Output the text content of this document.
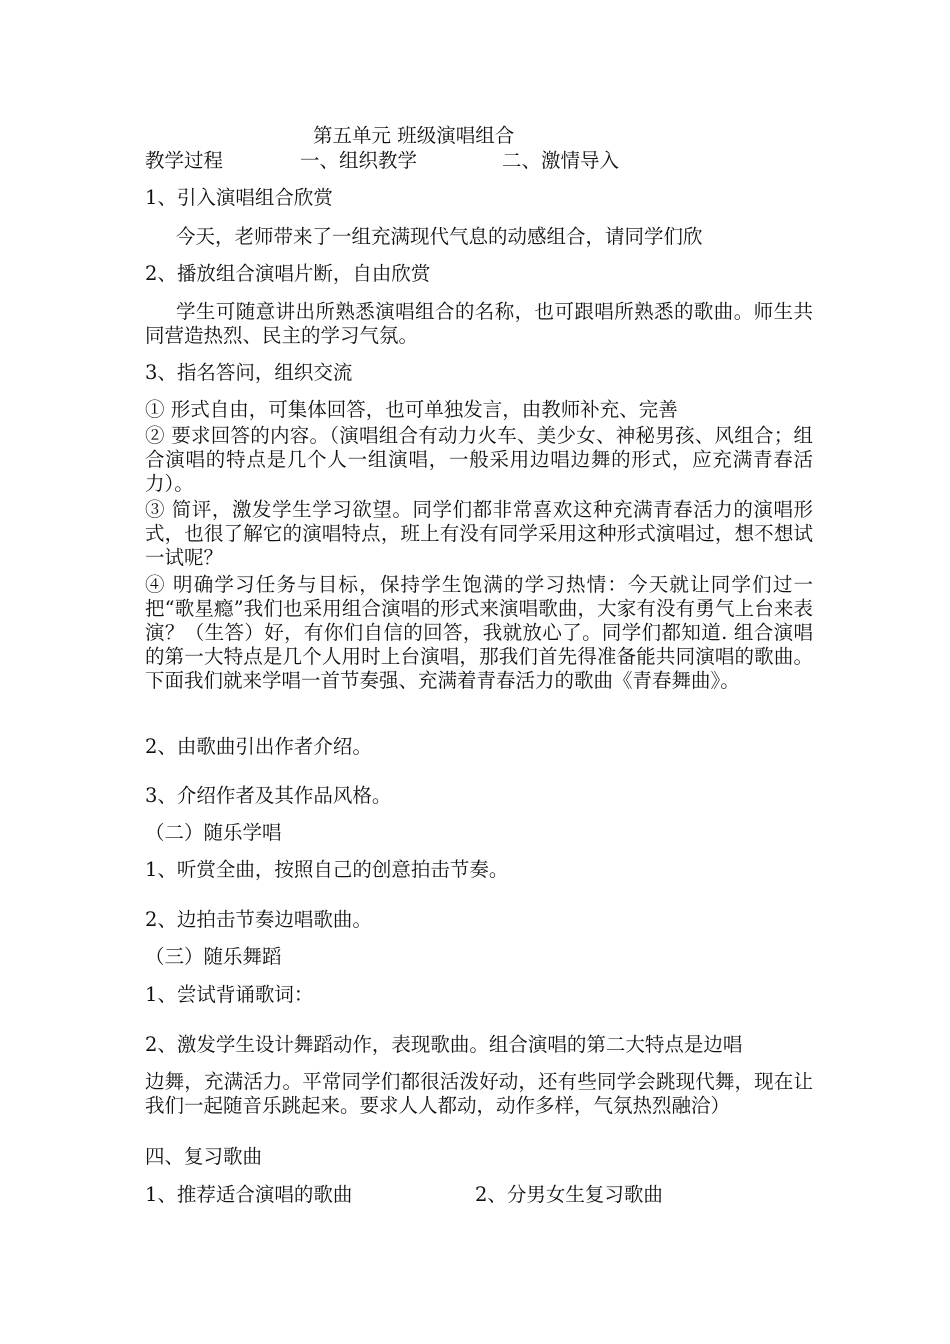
第五单元 班级演唱组合
教学过程	一、组织教学	二、激情导入
1、引入演唱组合欣赏
今天，老师带来了一组充满现代气息的动感组合，请同学们欣
2、播放组合演唱片断，自由欣赏
学生可随意讲出所熟悉演唱组合的名称，也可跟唱所熟悉的歌曲。师生共同营造热烈、民主的学习气氛。
3、指名答问，组织交流
① 形式自由，可集体回答，也可单独发言，由教师补充、完善
② 要求回答的内容。（演唱组合有动力火车、美少女、神秘男孩、风组合；组合演唱的特点是几个人一组演唱，一般采用边唱边舞的形式，应充满青春活力）。
③ 简评，激发学生学习欲望。同学们都非常喜欢这种充满青春活力的演唱形式，也很了解它的演唱特点，班上有没有同学采用这种形式演唱过，想不想试一试呢？
④ 明确学习任务与目标，保持学生饱满的学习热情：今天就让同学们过一把“歌星瘾”我们也采用组合演唱的形式来演唱歌曲，大家有没有勇气上台来表演？（生答）好，有你们自信的回答，我就放心了。同学们都知道. 组合演唱的第一大特点是几个人用时上台演唱，那我们首先得准备能共同演唱的歌曲。下面我们就来学唱一首节奏强、充满着青春活力的歌曲《青春舞曲》。
2、由歌曲引出作者介绍。
3、介绍作者及其作品风格。
（二）随乐学唱
1、听赏全曲，按照自己的创意拍击节奏。
2、边拍击节奏边唱歌曲。
（三）随乐舞蹈
1、尝试背诵歌词：
2、激发学生设计舞蹈动作，表现歌曲。组合演唱的第二大特点是边唱
边舞，充满活力。平常同学们都很活泼好动，还有些同学会跳现代舞，现在让我们一起随音乐跳起来。要求人人都动，动作多样，气氛热烈融洽）
四、复习歌曲
1、推荐适合演唱的歌曲	2、分男女生复习歌曲
